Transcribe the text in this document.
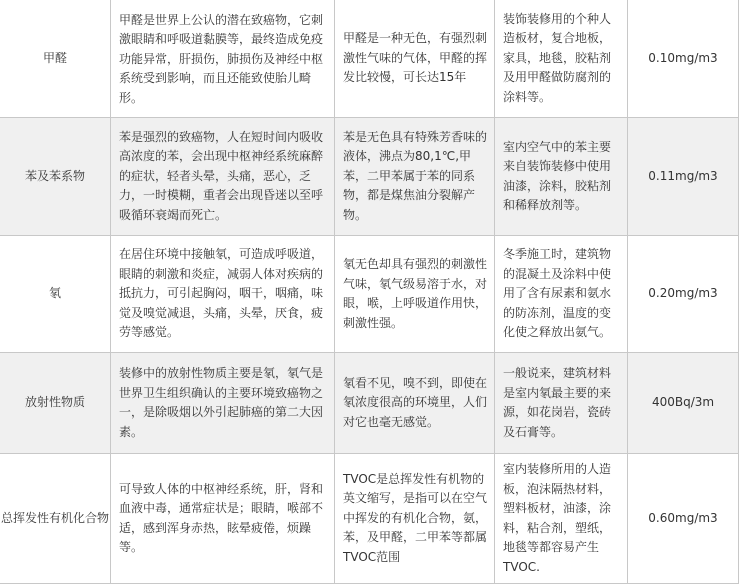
甲醛	甲醛是世界上公认的潜在致癌物，它刺激眼睛和呼吸道黏膜等，最终造成免疫功能异常，肝损伤，肺损伤及神经中枢系统受到影响，而且还能致使胎儿畸形。	甲醛是一种无色，有强烈刺激性气味的气体，甲醛的挥发比较慢，可长达15年	装饰装修用的个种人造板材，复合地板，家具，地毯，胶粘剂及用甲醛做防腐剂的涂料等。	0.10mg/m3
苯及苯系物	苯是强烈的致癌物，人在短时间内吸收高浓度的苯，会出现中枢神经系统麻醉的症状，轻者头晕，头痛，恶心，乏力，一时模糊，重者会出现昏迷以至呼吸循环衰竭而死亡。	苯是无色具有特殊芳香味的液体，沸点为80,1℃,甲苯，二甲苯属于苯的同系物，都是煤焦油分裂解产物。	室内空气中的苯主要来自装饰装修中使用油漆，涂料，胶粘剂和稀释放剂等。	0.11mg/m3
氡	在居住环境中接触氡，可造成呼吸道，眼睛的刺激和炎症，减弱人体对疾病的抵抗力，可引起胸闷，咽干，咽痛，味觉及嗅觉减退，头痛，头晕，厌食，疲劳等感觉。	氡无色却具有强烈的刺激性气味，氡气级易溶于水，对眼，喉，上呼吸道作用快，刺激性强。	冬季施工时，建筑物的混凝土及涂料中使用了含有尿素和氨水的防冻剂，温度的变化使之释放出氨气。	0.20mg/m3
放射性物质	装修中的放射性物质主要是氡，氡气是世界卫生组织确认的主要环境致癌物之一，是除吸烟以外引起肺癌的第二大因素。	氡看不见，嗅不到，即使在氡浓度很高的环境里，人们对它也毫无感觉。	一般说来，建筑材料是室内氡最主要的来源，如花岗岩，瓷砖及石膏等。	400Bq/3m
总挥发性有机化合物	可导致人体的中枢神经系统，肝，肾和血液中毒，通常症状是；眼睛，喉部不适，感到浑身赤热，眩晕疲倦，烦躁等。	TVOC是总挥发性有机物的英文缩写，是指可以在空气中挥发的有机化合物，氨，苯，及甲醛，二甲苯等都属TVOC范围	室内装修所用的人造板，泡沫隔热材料，塑料板材，油漆，涂料，粘合剂，塑纸，地毯等都容易产生TVOC.	0.60mg/m3
